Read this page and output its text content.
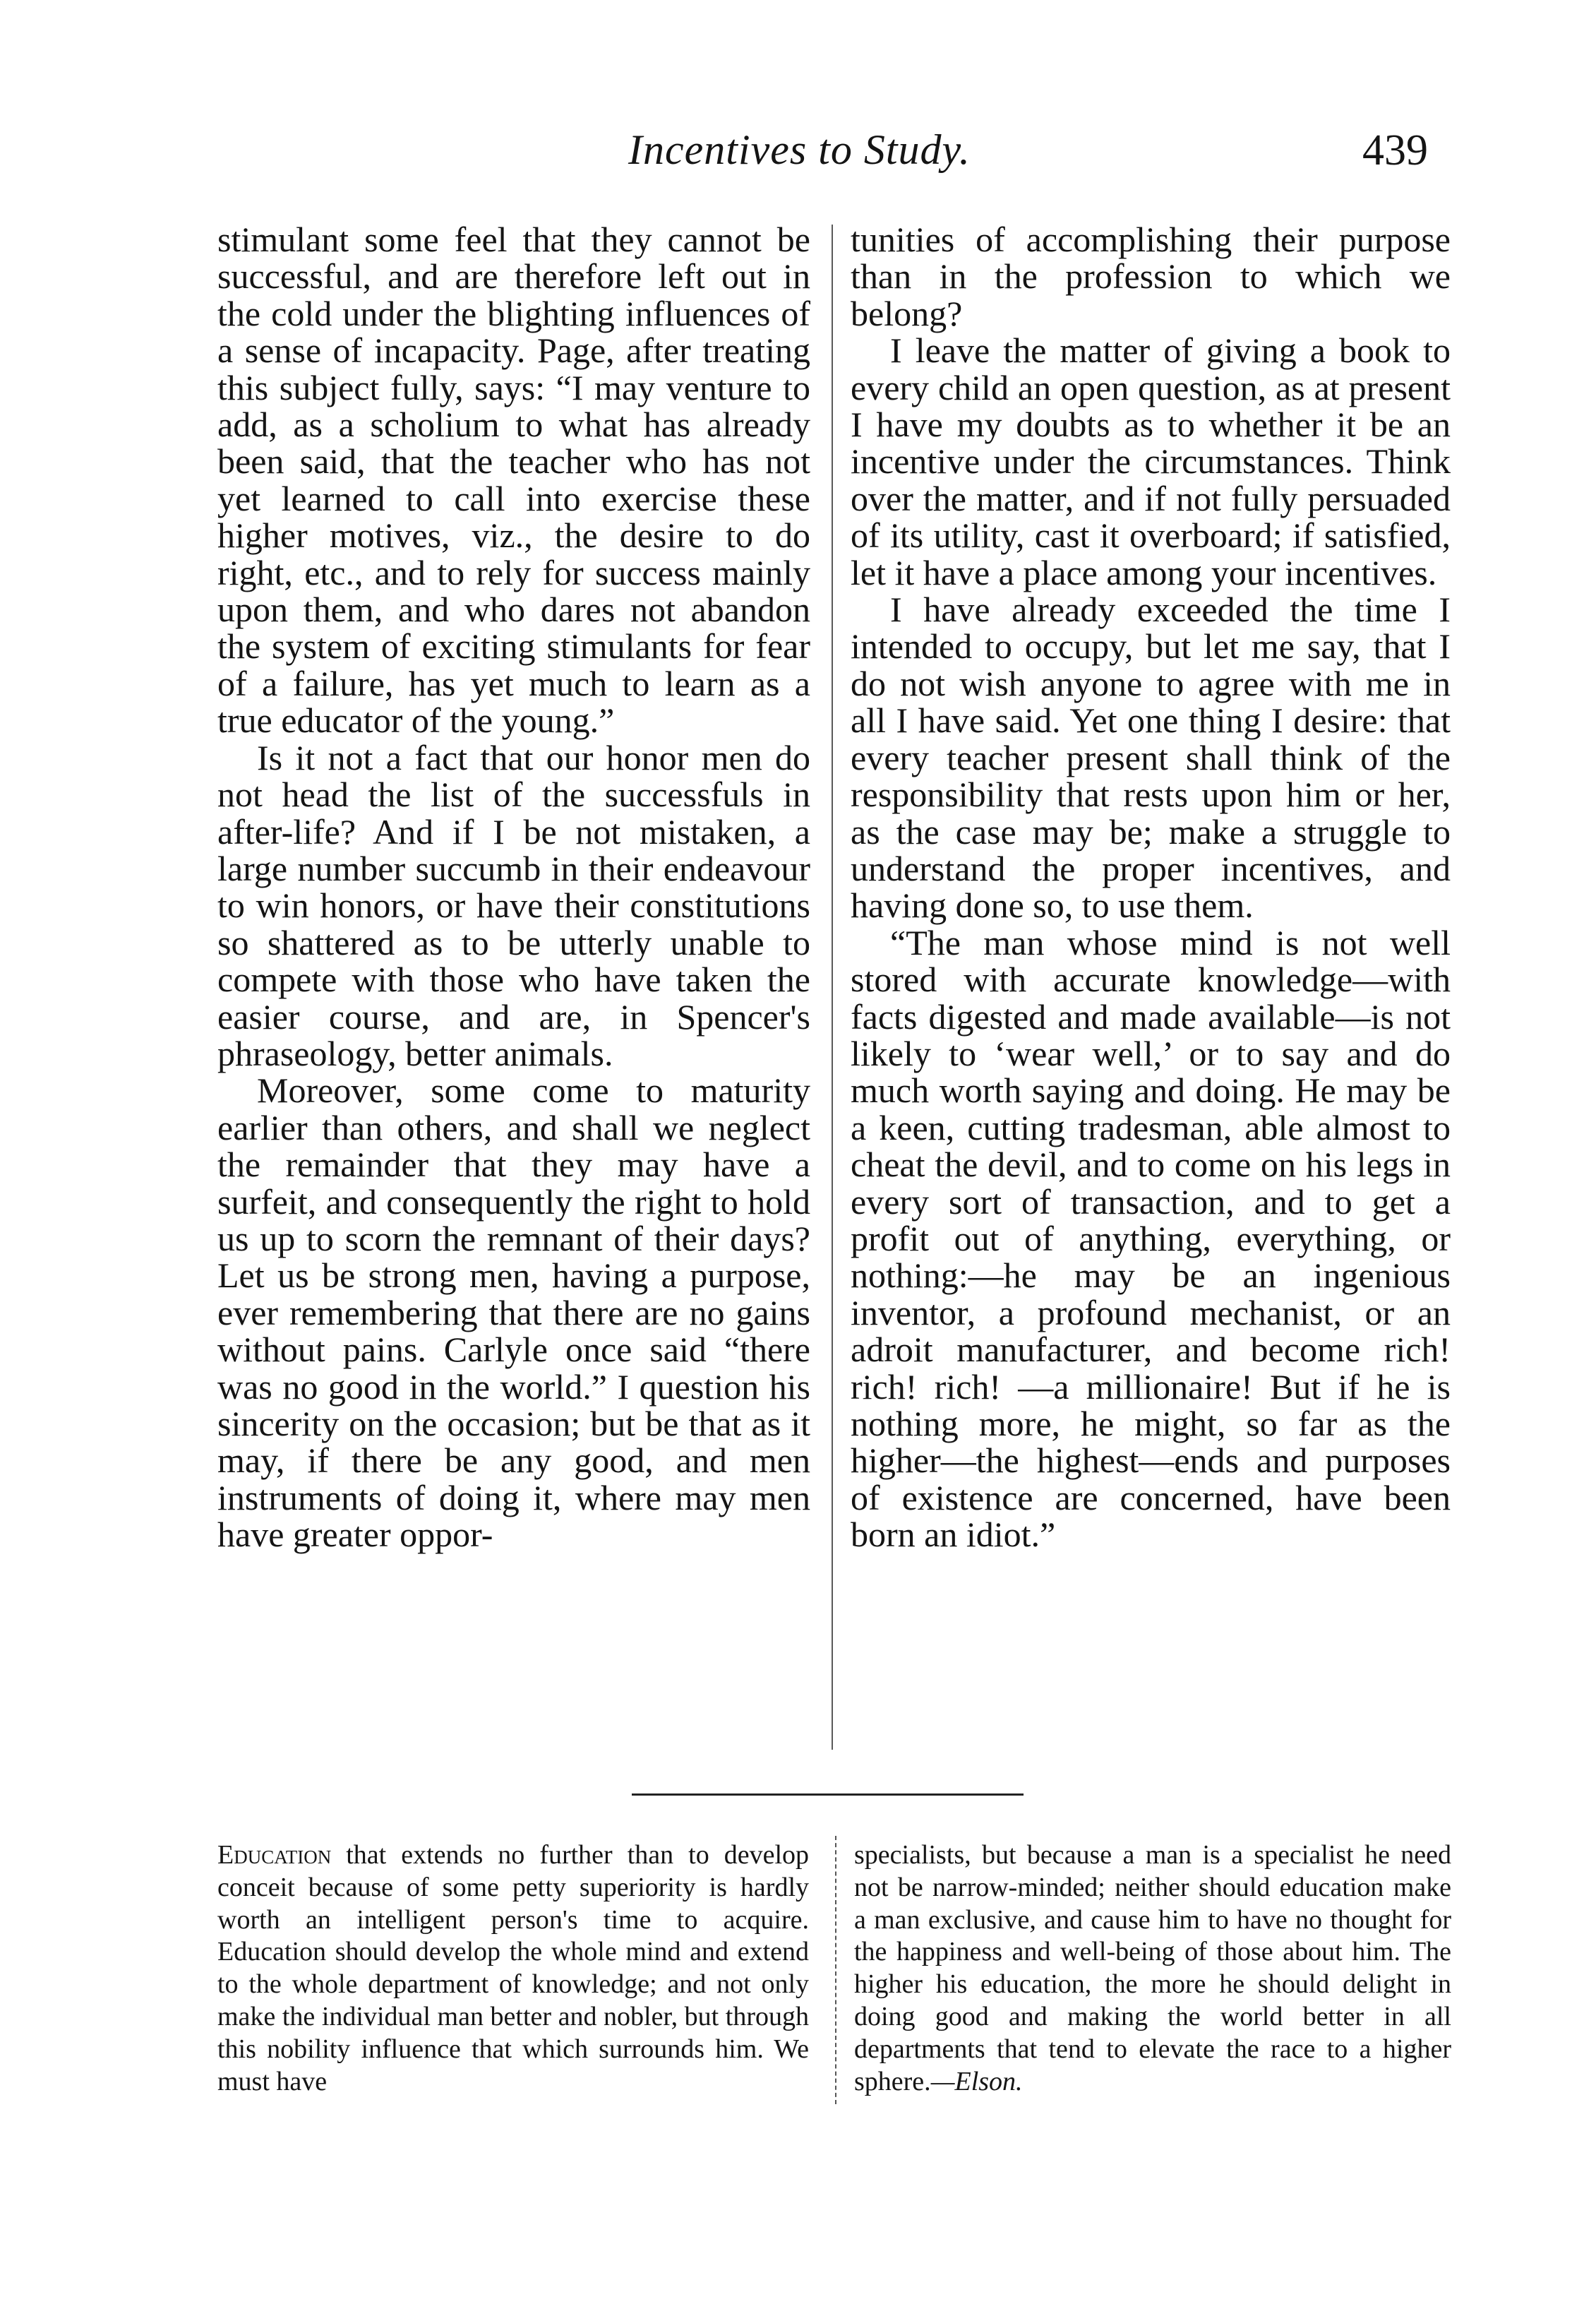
Incentives to Study.	439

stimulant some feel that they cannot be successful, and are therefore left out in the cold under the blighting influences of a sense of incapacity. Page, after treating this subject fully, says: “I may venture to add, as a scholium to what has already been said, that the teacher who has not yet learned to call into exercise these higher motives, viz., the desire to do right, etc., and to rely for success mainly upon them, and who dares not abandon the system of exciting stimulants for fear of a failure, has yet much to learn as a true educator of the young.”

Is it not a fact that our honor men do not head the list of the successfuls in after-life? And if I be not mistaken, a large number succumb in their endeavour to win honors, or have their constitutions so shattered as to be utterly unable to compete with those who have taken the easier course, and are, in Spencer's phraseology, better animals.

Moreover, some come to maturity earlier than others, and shall we neglect the remainder that they may have a surfeit, and consequently the right to hold us up to scorn the remnant of their days? Let us be strong men, having a purpose, ever remembering that there are no gains without pains. Carlyle once said “there was no good in the world.” I question his sincerity on the occasion; but be that as it may, if there be any good, and men instruments of doing it, where may men have greater oppor-

tunities of accomplishing their purpose than in the profession to which we belong?

I leave the matter of giving a book to every child an open question, as at present I have my doubts as to whether it be an incentive under the circumstances. Think over the matter, and if not fully persuaded of its utility, cast it overboard; if satisfied, let it have a place among your incentives.

I have already exceeded the time I intended to occupy, but let me say, that I do not wish anyone to agree with me in all I have said. Yet one thing I desire: that every teacher present shall think of the responsibility that rests upon him or her, as the case may be; make a struggle to understand the proper incentives, and having done so, to use them.

“The man whose mind is not well stored with accurate knowledge—with facts digested and made available—is not likely to ‘wear well,’ or to say and do much worth saying and doing. He may be a keen, cutting tradesman, able almost to cheat the devil, and to come on his legs in every sort of transaction, and to get a profit out of anything, everything, or nothing:—he may be an ingenious inventor, a profound mechanist, or an adroit manufacturer, and become rich! rich! rich! —a millionaire! But if he is nothing more, he might, so far as the higher—the highest—ends and purposes of existence are concerned, have been born an idiot.”

Education that extends no further than to develop conceit because of some petty superiority is hardly worth an intelligent person's time to acquire. Education should develop the whole mind and extend to the whole department of knowledge; and not only make the individual man better and nobler, but through this nobility influence that which surrounds him. We must have

specialists, but because a man is a specialist he need not be narrow-minded; neither should education make a man exclusive, and cause him to have no thought for the happiness and well-being of those about him. The higher his education, the more he should delight in doing good and making the world better in all departments that tend to elevate the race to a higher sphere.—Elson.
